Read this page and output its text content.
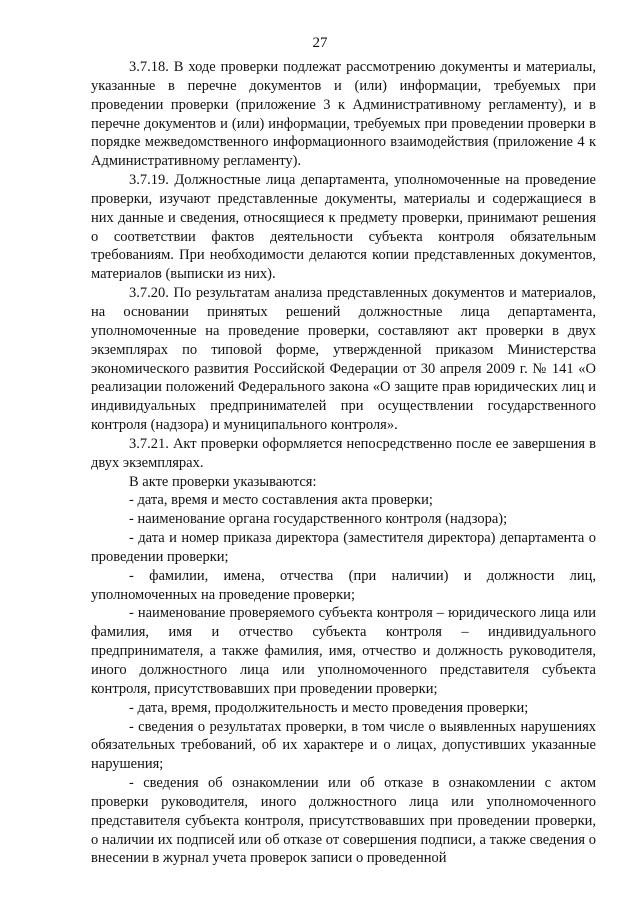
27

3.7.18. В ходе проверки подлежат рассмотрению документы и материалы, указанные в перечне документов и (или) информации, требуемых при проведении проверки (приложение 3 к Административному регламенту), и в перечне документов и (или) информации, требуемых при проведении проверки в порядке межведомственного информационного взаимодействия (приложение 4 к Административному регламенту).

3.7.19. Должностные лица департамента, уполномоченные на проведение проверки, изучают представленные документы, материалы и содержащиеся в них данные и сведения, относящиеся к предмету проверки, принимают решения о соответствии фактов деятельности субъекта контроля обязательным требованиям. При необходимости делаются копии представленных документов, материалов (выписки из них).

3.7.20. По результатам анализа представленных документов и материалов, на основании принятых решений должностные лица департамента, уполномоченные на проведение проверки, составляют акт проверки в двух экземплярах по типовой форме, утвержденной приказом Министерства экономического развития Российской Федерации от 30 апреля 2009 г. № 141 «О реализации положений Федерального закона «О защите прав юридических лиц и индивидуальных предпринимателей при осуществлении государственного контроля (надзора) и муниципального контроля».

3.7.21. Акт проверки оформляется непосредственно после ее завершения в двух экземплярах.

В акте проверки указываются:

- дата, время и место составления акта проверки;

- наименование органа государственного контроля (надзора);

- дата и номер приказа директора (заместителя директора) департамента о проведении проверки;

- фамилии, имена, отчества (при наличии) и должности лиц, уполномоченных на проведение проверки;

- наименование проверяемого субъекта контроля – юридического лица или фамилия, имя и отчество субъекта контроля – индивидуального предпринимателя, а также фамилия, имя, отчество и должность руководителя, иного должностного лица или уполномоченного представителя субъекта контроля, присутствовавших при проведении проверки;

- дата, время, продолжительность и место проведения проверки;

- сведения о результатах проверки, в том числе о выявленных нарушениях обязательных требований, об их характере и о лицах, допустивших указанные нарушения;

- сведения об ознакомлении или об отказе в ознакомлении с актом проверки руководителя, иного должностного лица или уполномоченного представителя субъекта контроля, присутствовавших при проведении проверки, о наличии их подписей или об отказе от совершения подписи, а также сведения о внесении в журнал учета проверок записи о проведенной
